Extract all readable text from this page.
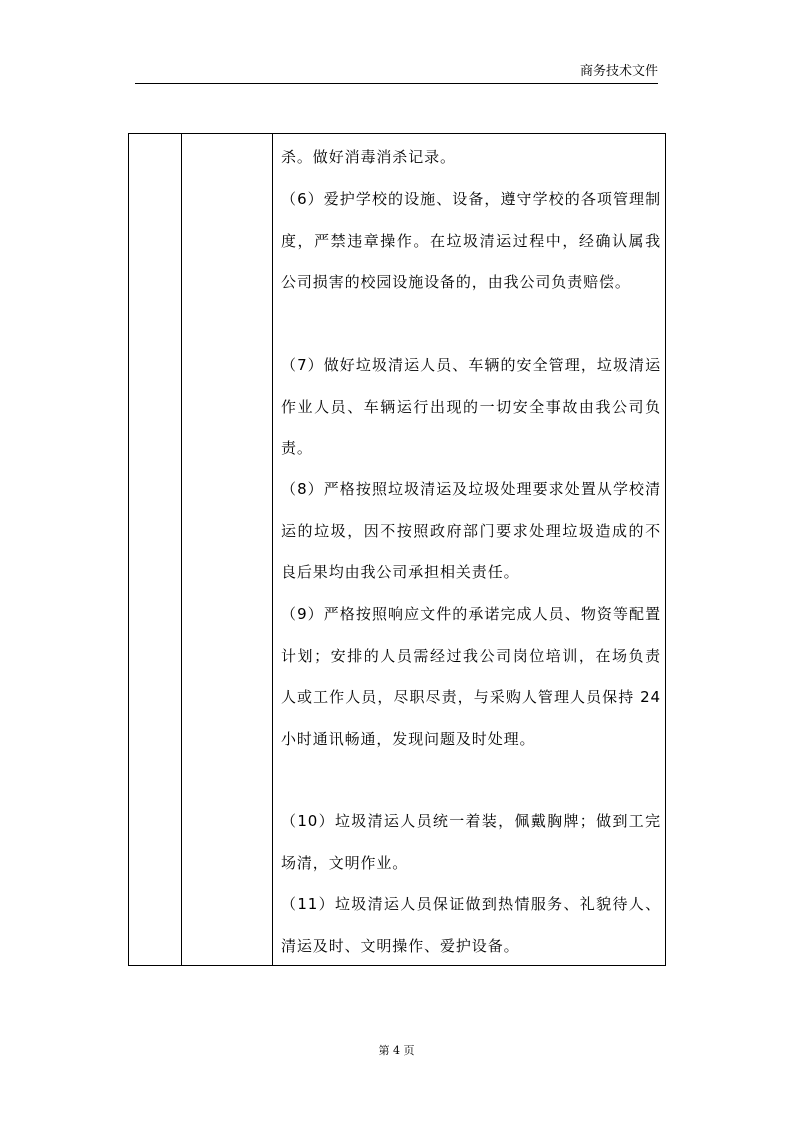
商务技术文件

杀。做好消毒消杀记录。

（6）爱护学校的设施、设备，遵守学校的各项管理制度，严禁违章操作。在垃圾清运过程中，经确认属我公司损害的校园设施设备的，由我公司负责赔偿。

（7）做好垃圾清运人员、车辆的安全管理，垃圾清运作业人员、车辆运行出现的一切安全事故由我公司负责。

（8）严格按照垃圾清运及垃圾处理要求处置从学校清运的垃圾，因不按照政府部门要求处理垃圾造成的不良后果均由我公司承担相关责任。

（9）严格按照响应文件的承诺完成人员、物资等配置计划；安排的人员需经过我公司岗位培训，在场负责人或工作人员，尽职尽责，与采购人管理人员保持 24 小时通讯畅通，发现问题及时处理。

（10）垃圾清运人员统一着装，佩戴胸牌；做到工完场清，文明作业。

（11）垃圾清运人员保证做到热情服务、礼貌待人、清运及时、文明操作、爱护设备。

第 4 页
